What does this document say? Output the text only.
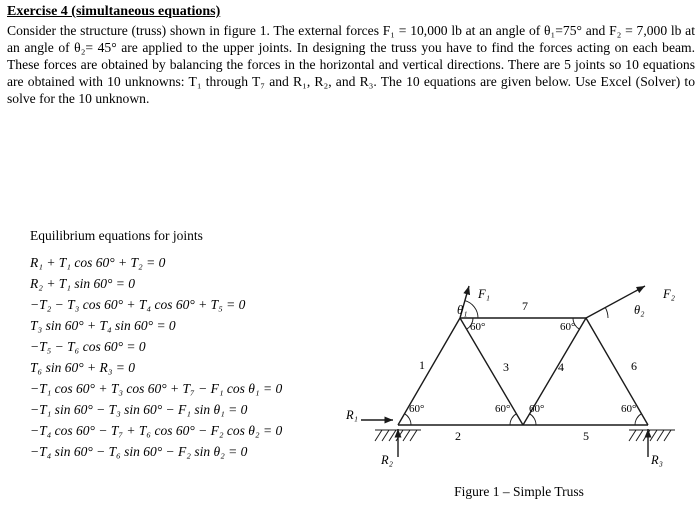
Exercise 4 (simultaneous equations)
Consider the structure (truss) shown in figure 1. The external forces F₁ = 10,000 lb at an angle of θ₁=75° and F₂ = 7,000 lb at an angle of θ₂= 45° are applied to the upper joints. In designing the truss you have to find the forces acting on each beam. These forces are obtained by balancing the forces in the horizontal and vertical directions. There are 5 joints so 10 equations are obtained with 10 unknowns: T₁ through T₇ and R₁, R₂, and R₃. The 10 equations are given below. Use Excel (Solver) to solve for the 10 unknown.
Equilibrium equations for joints
R₁ + T₁ cos 60° + T₂ = 0
R₂ + T₁ sin 60° = 0
−T₂ − T₃ cos 60° + T₄ cos 60° + T₅ = 0
T₃ sin 60° + T₄ sin 60° = 0
−T₅ − T₆ cos 60° = 0
T₆ sin 60° + R₃ = 0
−T₁ cos 60° + T₃ cos 60° + T₇ − F₁ cos θ₁ = 0
−T₁ sin 60° − T₃ sin 60° − F₁ sin θ₁ = 0
−T₄ cos 60° − T₇ + T₆ cos 60° − F₂ cos θ₂ = 0
−T₄ sin 60° − T₆ sin 60° − F₂ sin θ₂ = 0
F₁
θ₁
F₂
θ₂
R₁
R₂	R₃
1
2
3	4
5
6
7
60°	60°
60°	60° 60°	60°
Figure 1 – Simple Truss
